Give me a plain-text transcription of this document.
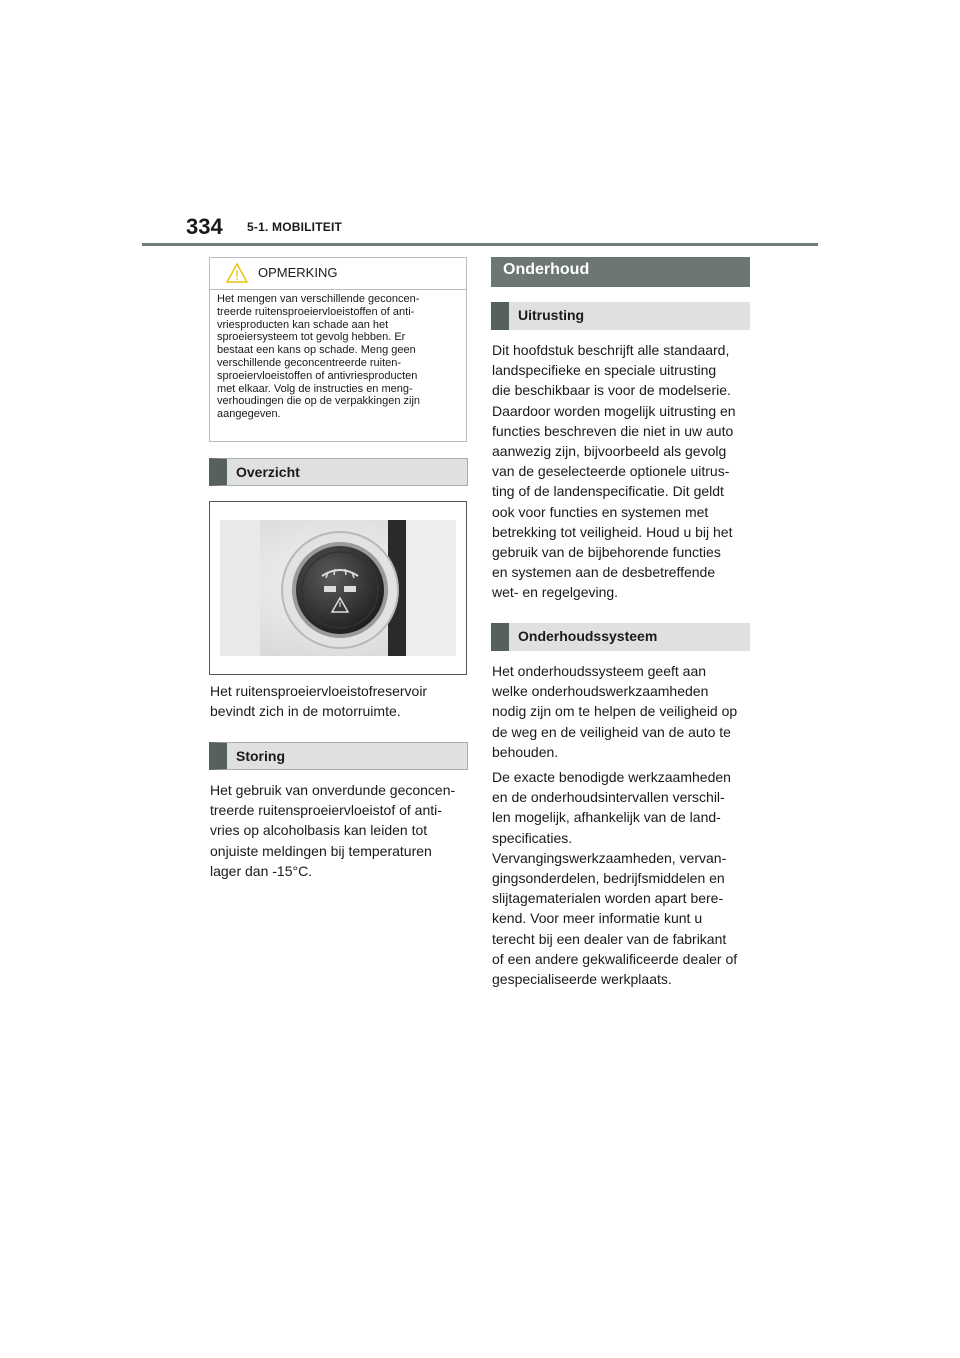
334 5-1. MOBILITEIT
OPMERKING

Het mengen van verschillende geconcen-
treerde ruitensproeiervloeistoffen of anti-
vriesproducten kan schade aan het
sproeiersysteem tot gevolg hebben. Er
bestaat een kans op schade. Meng geen
verschillende geconcentreerde ruiten-
sproeiervloeistoffen of antivriesproducten
met elkaar. Volg de instructies en meng-
verhoudingen die op de verpakkingen zijn
aangegeven.

Overzicht

Het ruitensproeiervloeistofreservoir
bevindt zich in de motorruimte.

Storing

Het gebruik van onverdunde geconcen-
treerde ruitensproeiervloeistof of anti-
vries op alcoholbasis kan leiden tot
onjuiste meldingen bij temperaturen
lager dan -15°C.

Onderhoud
Uitrusting

Dit hoofdstuk beschrijft alle standaard,
landspecifieke en speciale uitrusting
die beschikbaar is voor de modelserie.
Daardoor worden mogelijk uitrusting en
functies beschreven die niet in uw auto
aanwezig zijn, bijvoorbeeld als gevolg
van de geselecteerde optionele uitrus-
ting of de landenspecificatie. Dit geldt
ook voor functies en systemen met
betrekking tot veiligheid. Houd u bij het
gebruik van de bijbehorende functies
en systemen aan de desbetreffende
wet- en regelgeving.

Onderhoudssysteem

Het onderhoudssysteem geeft aan
welke onderhoudswerkzaamheden
nodig zijn om te helpen de veiligheid op
de weg en de veiligheid van de auto te
behouden.

De exacte benodigde werkzaamheden
en de onderhoudsintervallen verschil-
len mogelijk, afhankelijk van de land-
specificaties.
Vervangingswerkzaamheden, vervan-
gingsonderdelen, bedrijfsmiddelen en
slijtagematerialen worden apart bere-
kend. Voor meer informatie kunt u
terecht bij een dealer van de fabrikant
of een andere gekwalificeerde dealer of
gespecialiseerde werkplaats.
